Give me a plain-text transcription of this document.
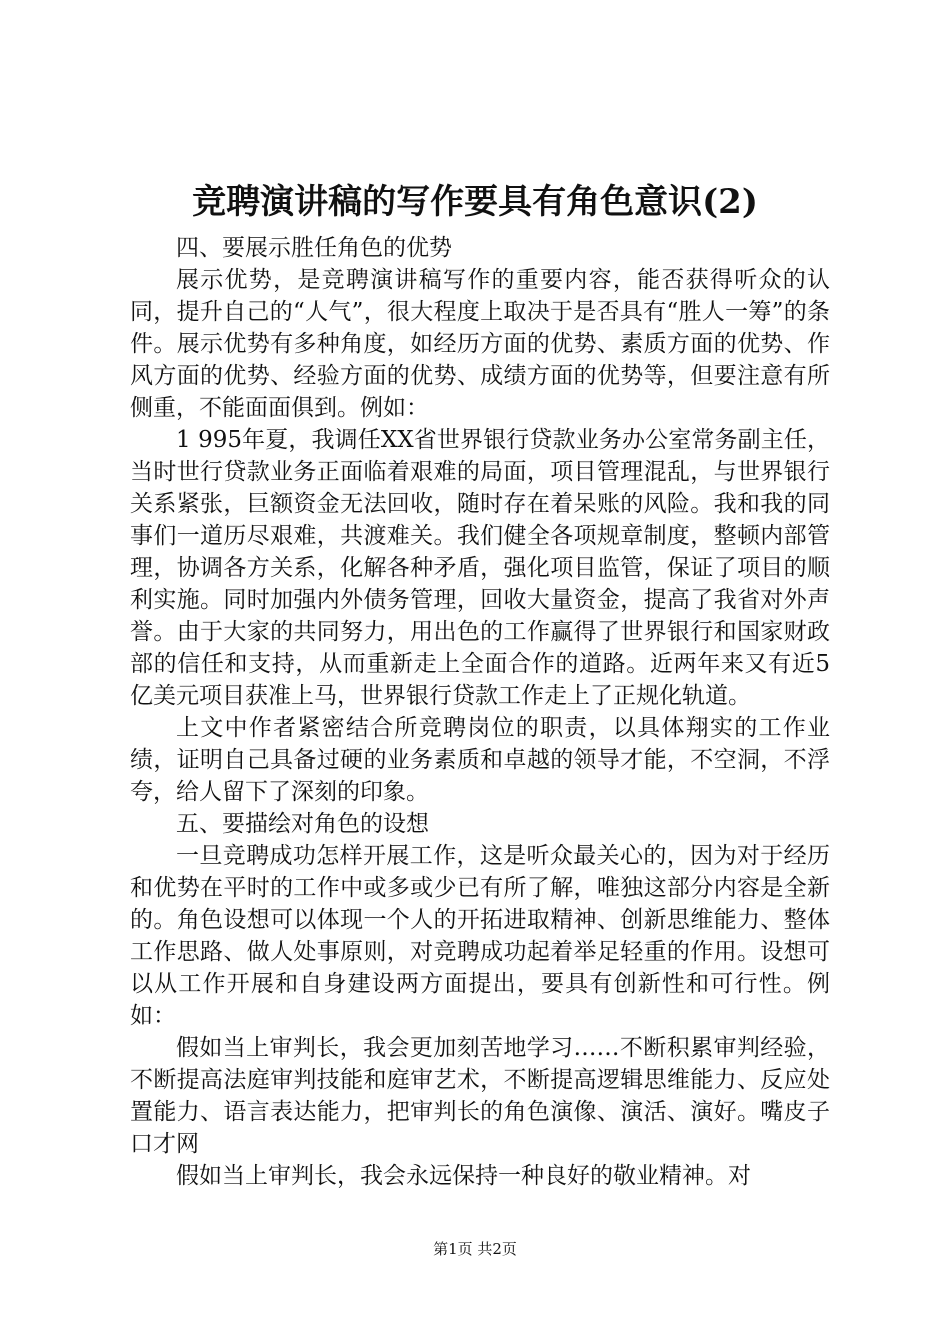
竞聘演讲稿的写作要具有角色意识(2)

四、要展示胜任角色的优势

展示优势，是竞聘演讲稿写作的重要内容，能否获得听众的认同，提升自己的“人气”，很大程度上取决于是否具有“胜人一筹”的条件。展示优势有多种角度，如经历方面的优势、素质方面的优势、作风方面的优势、经验方面的优势、成绩方面的优势等，但要注意有所侧重，不能面面俱到。例如：

1 995年夏，我调任XX省世界银行贷款业务办公室常务副主任，当时世行贷款业务正面临着艰难的局面，项目管理混乱，与世界银行关系紧张，巨额资金无法回收，随时存在着呆账的风险。我和我的同事们一道历尽艰难，共渡难关。我们健全各项规章制度，整顿内部管理，协调各方关系，化解各种矛盾，强化项目监管，保证了项目的顺利实施。同时加强内外债务管理，回收大量资金，提高了我省对外声誉。由于大家的共同努力，用出色的工作赢得了世界银行和国家财政部的信任和支持，从而重新走上全面合作的道路。近两年来又有近5亿美元项目获准上马，世界银行贷款工作走上了正规化轨道。

上文中作者紧密结合所竞聘岗位的职责，以具体翔实的工作业绩，证明自己具备过硬的业务素质和卓越的领导才能，不空洞，不浮夸，给人留下了深刻的印象。

五、要描绘对角色的设想

一旦竞聘成功怎样开展工作，这是听众最关心的，因为对于经历和优势在平时的工作中或多或少已有所了解，唯独这部分内容是全新的。角色设想可以体现一个人的开拓进取精神、创新思维能力、整体工作思路、做人处事原则，对竞聘成功起着举足轻重的作用。设想可以从工作开展和自身建设两方面提出，要具有创新性和可行性。例如：

假如当上审判长，我会更加刻苦地学习……不断积累审判经验，不断提高法庭审判技能和庭审艺术，不断提高逻辑思维能力、反应处置能力、语言表达能力，把审判长的角色演像、演活、演好。嘴皮子口才网

假如当上审判长，我会永远保持一种良好的敬业精神。对

第1页 共2页
